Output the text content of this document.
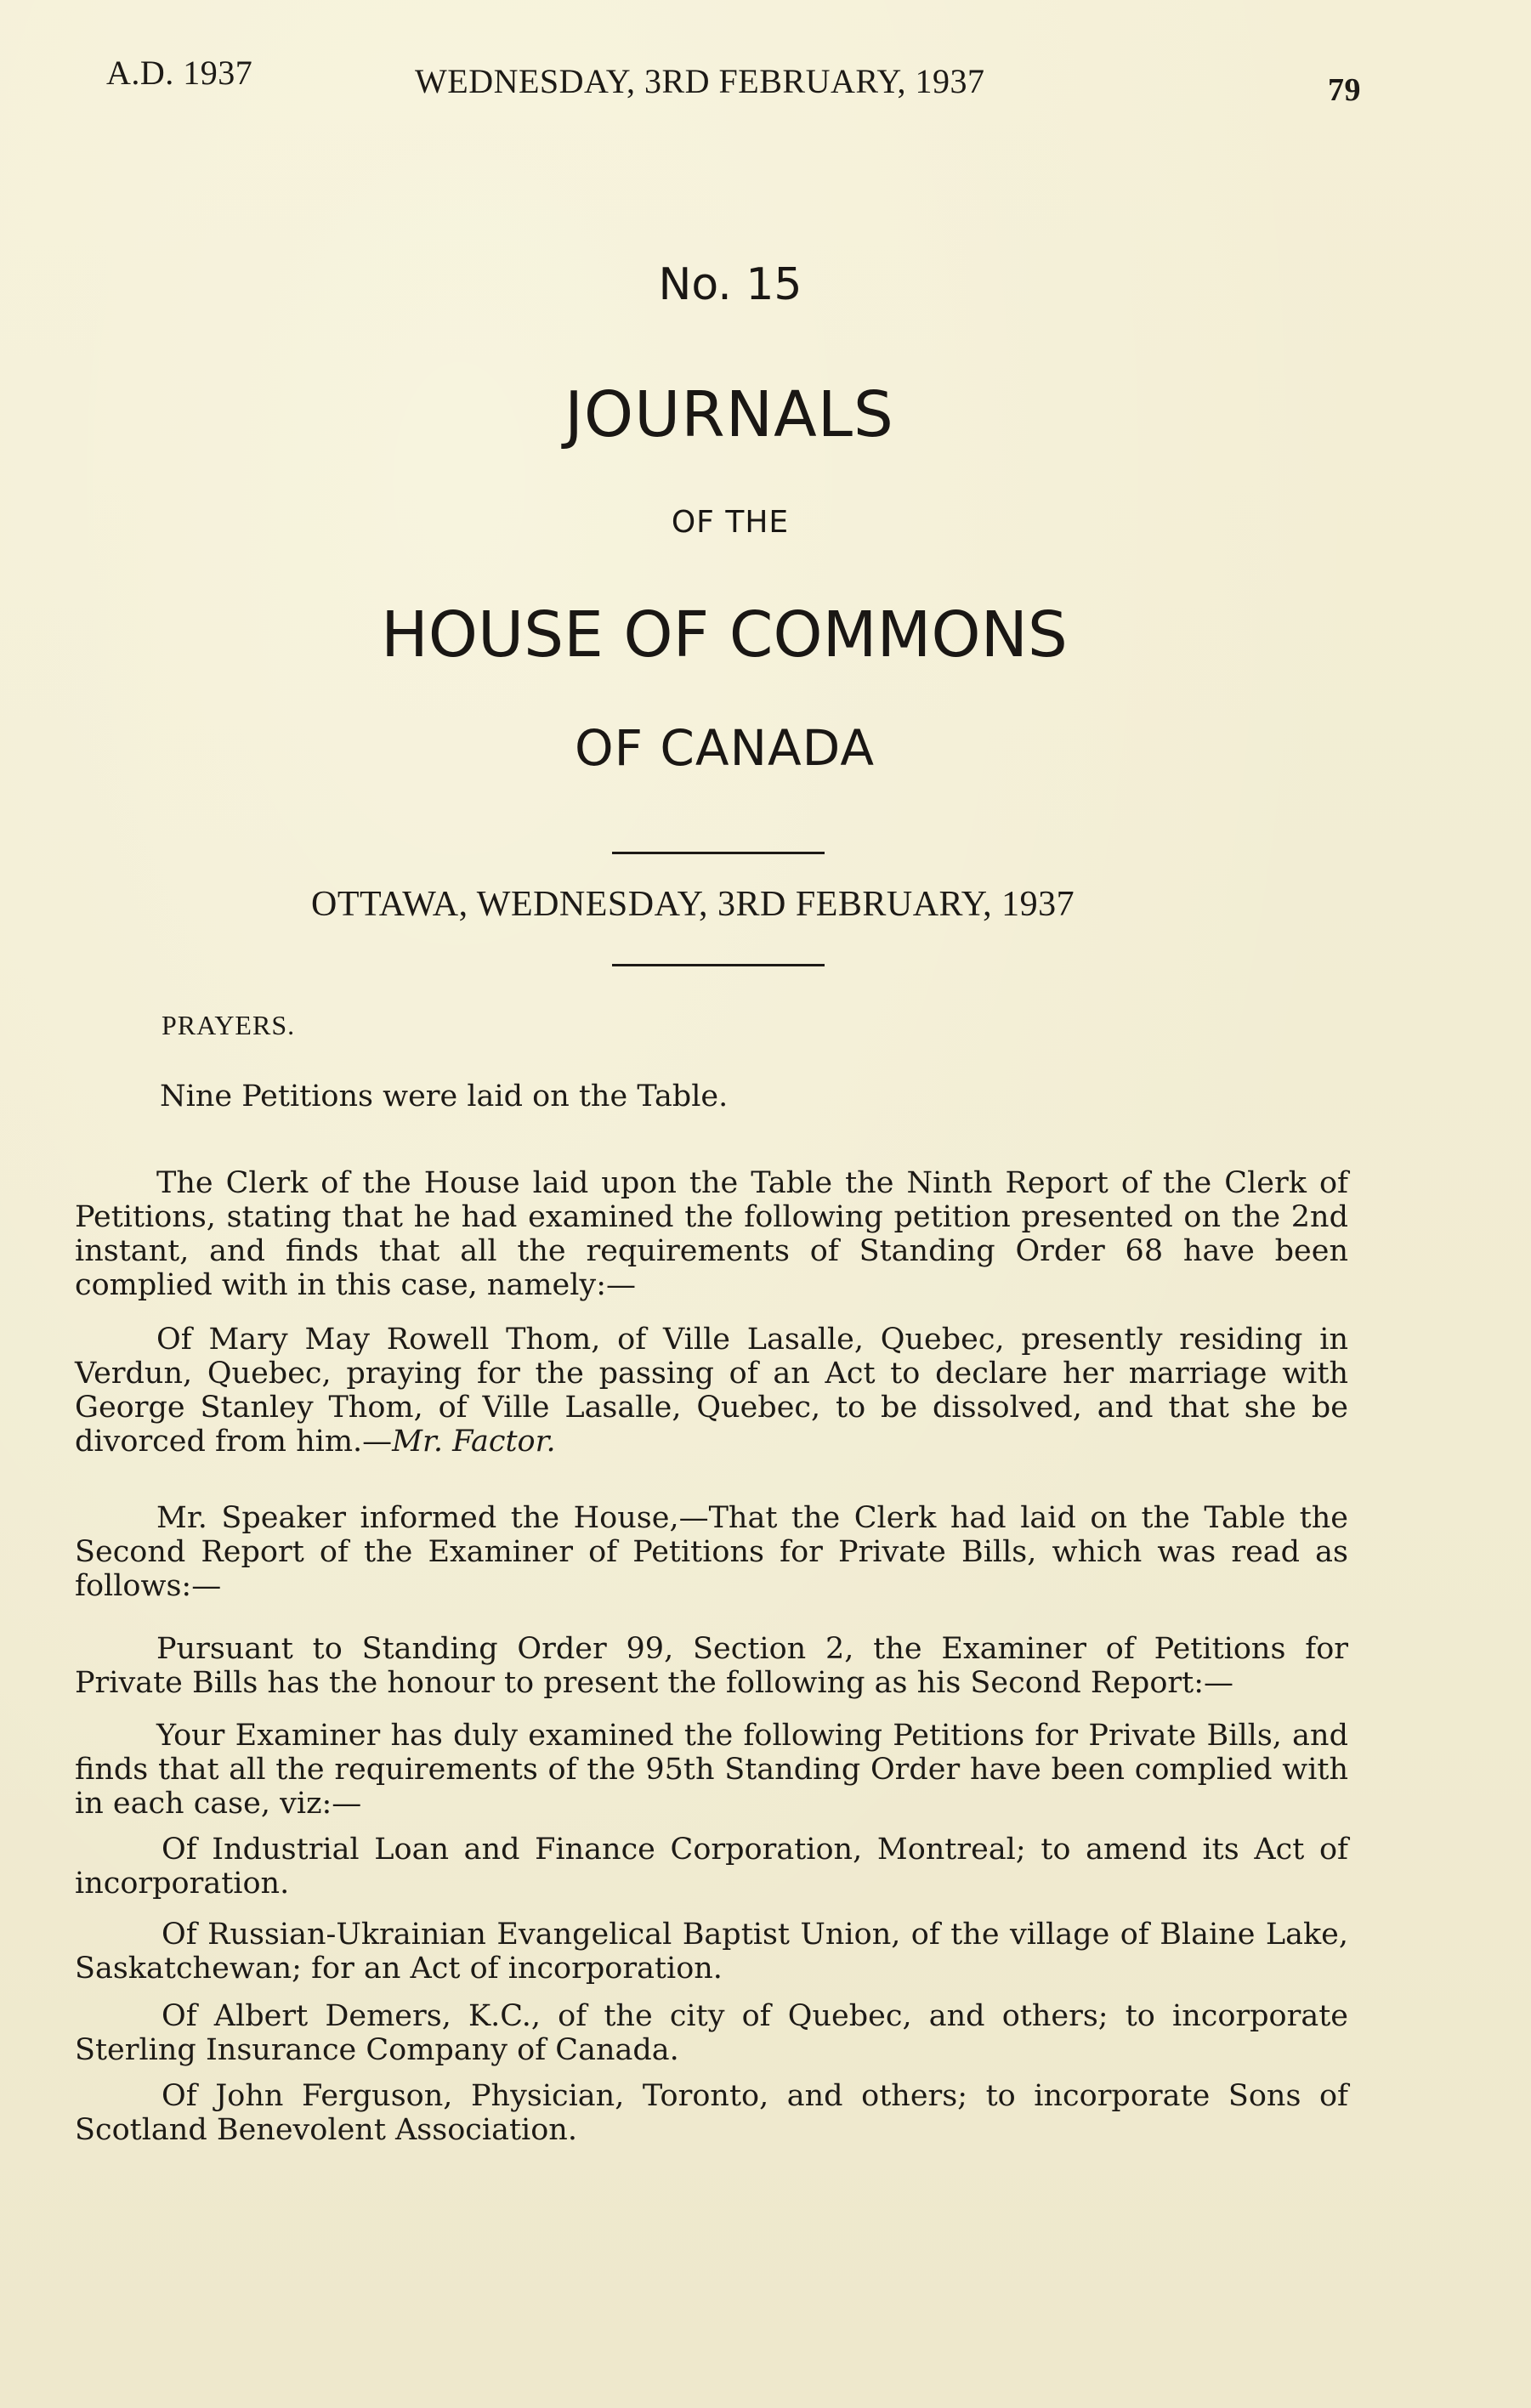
A.D. 1937	WEDNESDAY, 3RD FEBRUARY, 1937	79
No. 15
JOURNALS
OF THE
HOUSE OF COMMONS
OF CANADA
OTTAWA, WEDNESDAY, 3RD FEBRUARY, 1937
PRAYERS.

Nine Petitions were laid on the Table.

The Clerk of the House laid upon the Table the Ninth Report of the Clerk of Petitions, stating that he had examined the following petition presented on the 2nd instant, and finds that all the requirements of Standing Order 68 have been complied with in this case, namely:—

Of Mary May Rowell Thom, of Ville Lasalle, Quebec, presently residing in Verdun, Quebec, praying for the passing of an Act to declare her marriage with George Stanley Thom, of Ville Lasalle, Quebec, to be dissolved, and that she be divorced from him.—Mr. Factor.

Mr. Speaker informed the House,—That the Clerk had laid on the Table the Second Report of the Examiner of Petitions for Private Bills, which was read as follows:—

Pursuant to Standing Order 99, Section 2, the Examiner of Petitions for Private Bills has the honour to present the following as his Second Report:—

Your Examiner has duly examined the following Petitions for Private Bills, and finds that all the requirements of the 95th Standing Order have been complied with in each case, viz:—

Of Industrial Loan and Finance Corporation, Montreal; to amend its Act of incorporation.

Of Russian-Ukrainian Evangelical Baptist Union, of the village of Blaine Lake, Saskatchewan; for an Act of incorporation.

Of Albert Demers, K.C., of the city of Quebec, and others; to incorporate Sterling Insurance Company of Canada.

Of John Ferguson, Physician, Toronto, and others; to incorporate Sons of Scotland Benevolent Association.
